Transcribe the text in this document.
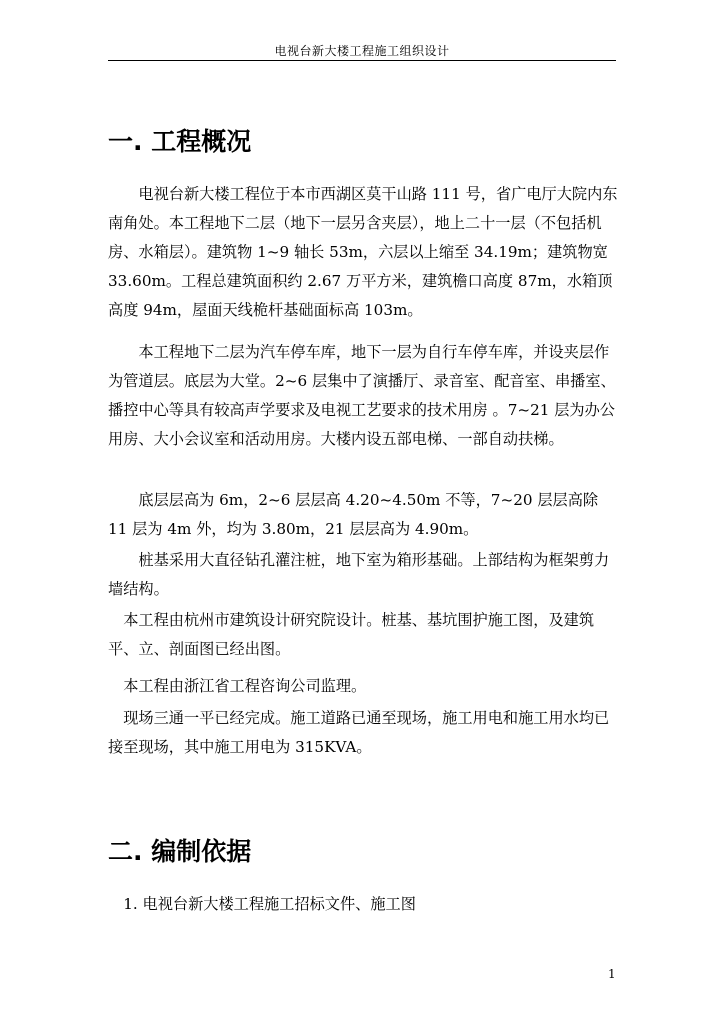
电视台新大楼工程施工组织设计
一. 工程概况

　　电视台新大楼工程位于本市西湖区莫干山路 111 号，省广电厅大院内东南角处。本工程地下二层（地下一层另含夹层），地上二十一层（不包括机房、水箱层）。建筑物 1~9 轴长 53m，六层以上缩至 34.19m；建筑物宽 33.60m。工程总建筑面积约 2.67 万平方米，建筑檐口高度 87m，水箱顶高度 94m，屋面天线桅杆基础面标高 103m。

　　本工程地下二层为汽车停车库，地下一层为自行车停车库，并设夹层作为管道层。底层为大堂。2~6 层集中了演播厅、录音室、配音室、串播室、播控中心等具有较高声学要求及电视工艺要求的技术用房 。7~21 层为办公用房、大小会议室和活动用房。大楼内设五部电梯、一部自动扶梯。

　　底层层高为 6m，2~6 层层高 4.20~4.50m 不等，7~20 层层高除 11 层为 4m 外，均为 3.80m，21 层层高为 4.90m。

　　桩基采用大直径钻孔灌注桩，地下室为箱形基础。上部结构为框架剪力墙结构。

　本工程由杭州市建筑设计研究院设计。桩基、基坑围护施工图，及建筑平、立、剖面图已经出图。

　本工程由浙江省工程咨询公司监理。

　现场三通一平已经完成。施工道路已通至现场，施工用电和施工用水均已接至现场，其中施工用电为 315KVA。

二. 编制依据

　1. 电视台新大楼工程施工招标文件、施工图

1
